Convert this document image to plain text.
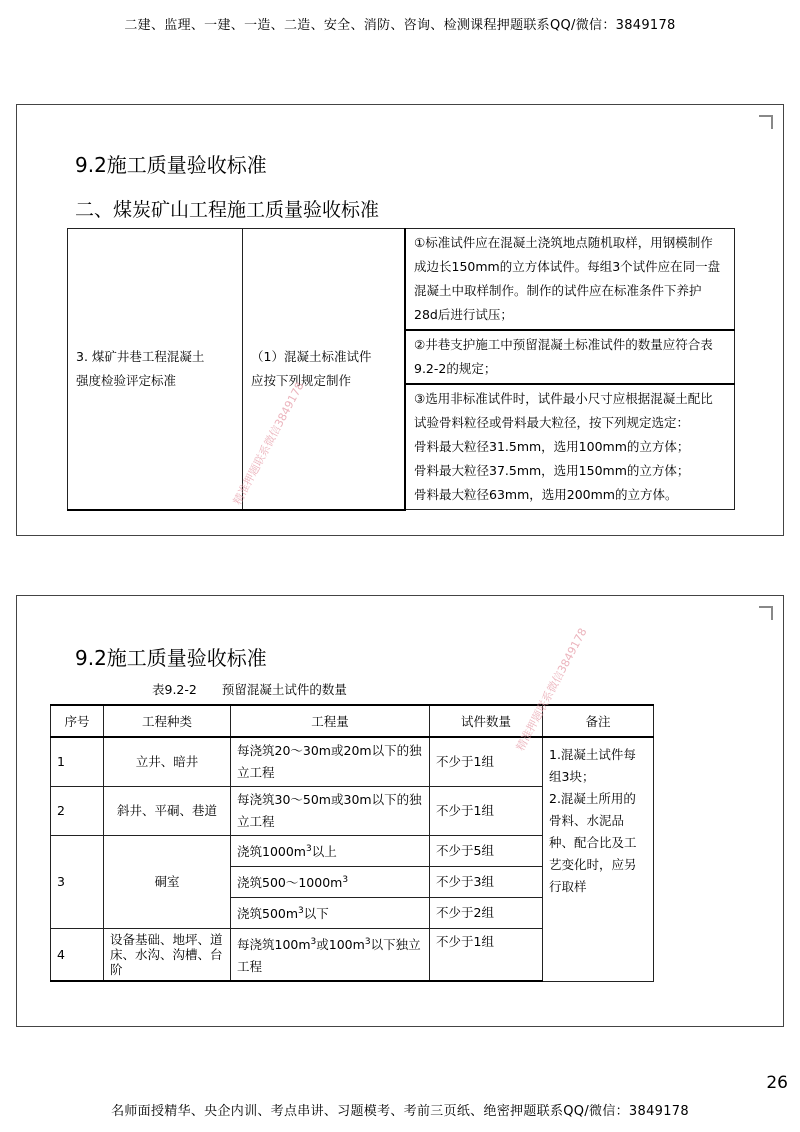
二建、监理、一建、一造、二造、安全、消防、咨询、检测课程押题联系QQ/微信：3849178
9.2施工质量验收标准
二、煤炭矿山工程施工质量验收标准
3. 煤矿井巷工程混凝土
强度检验评定标准

（1）混凝土标准试件
应按下列规定制作

①标准试件应在混凝土浇筑地点随机取样，用钢模制作
成边长150mm的立方体试件。每组3个试件应在同一盘
混凝土中取样制作。制作的试件应在标准条件下养护
28d后进行试压；

②井巷支护施工中预留混凝土标准试件的数量应符合表
9.2-2的规定；

③选用非标准试件时，试件最小尺寸应根据混凝土配比
试验骨料粒径或骨料最大粒径，按下列规定选定：
骨料最大粒径31.5mm，选用100mm的立方体；
骨料最大粒径37.5mm，选用150mm的立方体；
骨料最大粒径63mm，选用200mm的立方体。
精准押题联系微信3849178
9.2施工质量验收标准
表9.2-2　　预留混凝土试件的数量
序号	工程种类	工程量	试件数量	备注
1	立井、暗井	每浇筑20～30m或20m以下的独立工程	不少于1组	1.混凝土试件每组3块；
2.混凝土所用的骨料、水泥品种、配合比及工艺变化时，应另行取样

2	斜井、平硐、巷道	每浇筑30～50m或30m以下的独立工程	不少于1组	
3	硐室	浇筑$1000m^3$以上	不少于5组	
		浇筑$500\sim 1000m^3$	不少于3组	
		浇筑$500m^3$以下	不少于2组	
4	设备基础、地坪、道床、水沟、沟槽、台阶	每浇筑$100m^3$或$100m^3$以下独立工程	不少于1组	
精准押题联系微信3849178
26
名师面授精华、央企内训、考点串讲、习题模考、考前三页纸、绝密押题联系QQ/微信：3849178
